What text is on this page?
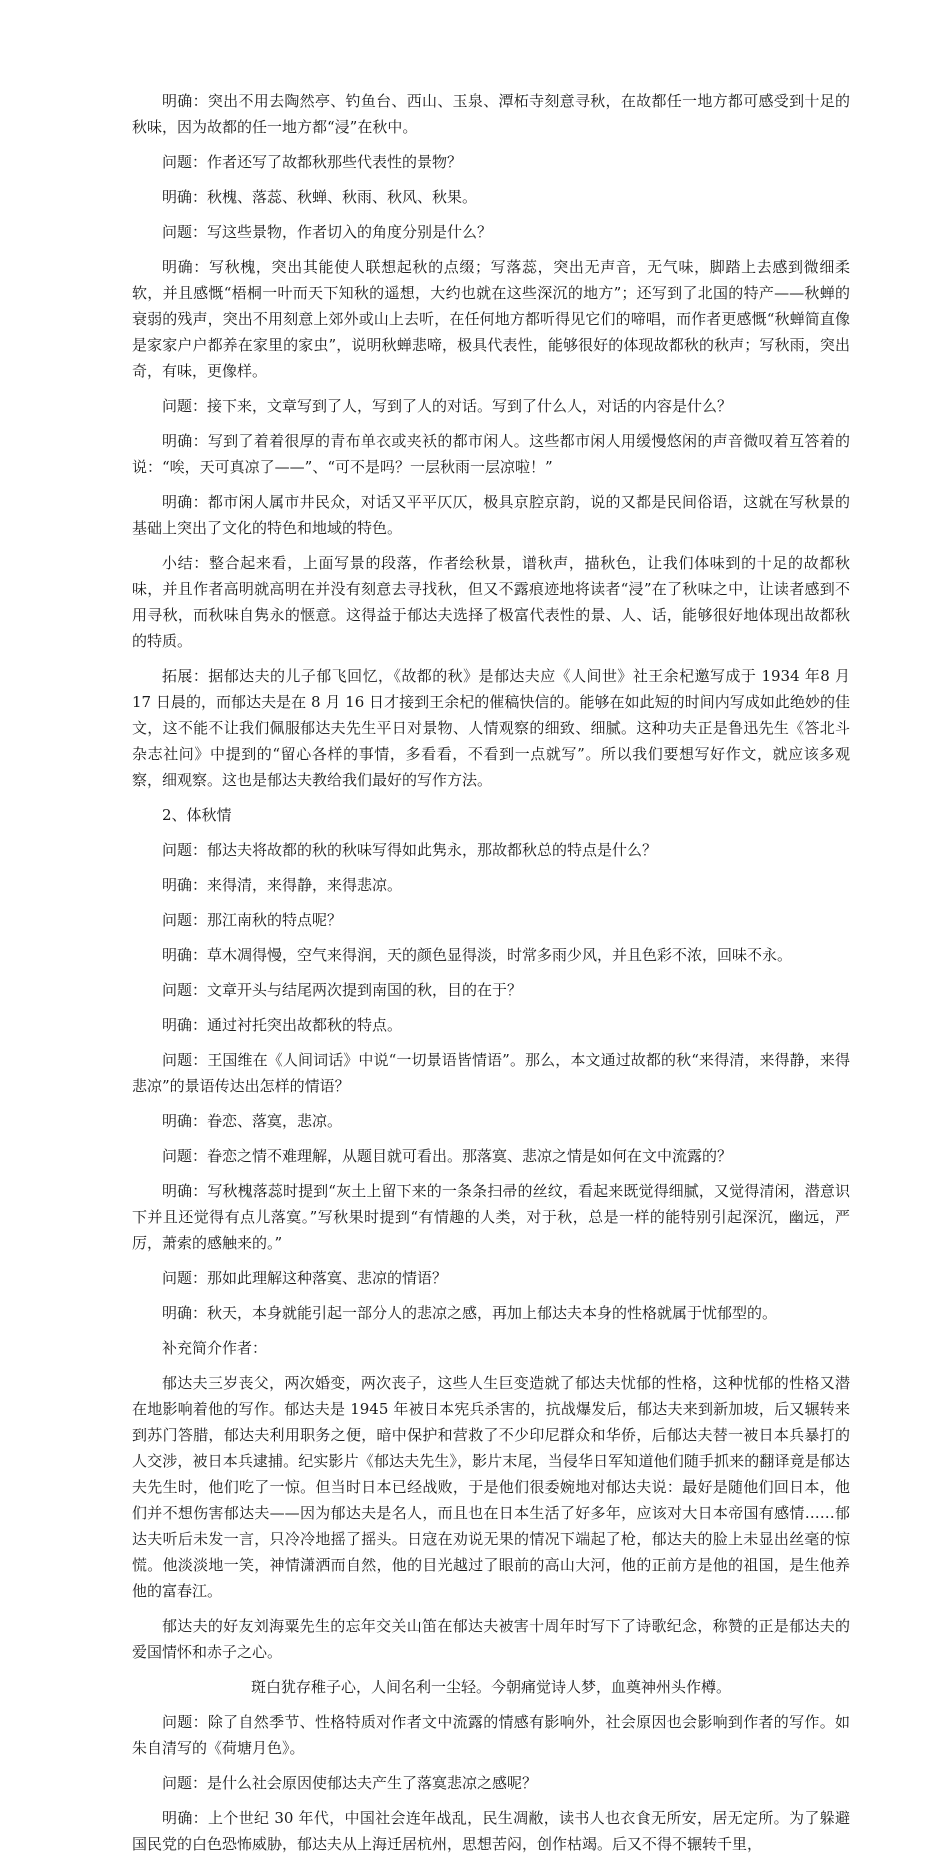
明确：突出不用去陶然亭、钓鱼台、西山、玉泉、潭柘寺刻意寻秋，在故都任一地方都可感受到十足的秋味，因为故都的任一地方都“浸”在秋中。

问题：作者还写了故都秋那些代表性的景物？

明确：秋槐、落蕊、秋蝉、秋雨、秋风、秋果。

问题：写这些景物，作者切入的角度分别是什么？

明确：写秋槐，突出其能使人联想起秋的点缀；写落蕊，突出无声音，无气味，脚踏上去感到微细柔软，并且感慨“梧桐一叶而天下知秋的遥想，大约也就在这些深沉的地方”；还写到了北国的特产——秋蝉的衰弱的残声，突出不用刻意上郊外或山上去听，在任何地方都听得见它们的啼唱，而作者更感慨“秋蝉简直像是家家户户都养在家里的家虫”，说明秋蝉悲啼，极具代表性，能够很好的体现故都秋的秋声；写秋雨，突出奇，有味，更像样。

问题：接下来，文章写到了人，写到了人的对话。写到了什么人，对话的内容是什么？

明确：写到了着着很厚的青布单衣或夹袄的都市闲人。这些都市闲人用缓慢悠闲的声音微叹着互答着的说：“唉，天可真凉了——”、“可不是吗？一层秋雨一层凉啦！”

明确：都市闲人属市井民众，对话又平平仄仄，极具京腔京韵，说的又都是民间俗语，这就在写秋景的基础上突出了文化的特色和地域的特色。

小结：整合起来看，上面写景的段落，作者绘秋景，谱秋声，描秋色，让我们体味到的十足的故都秋味，并且作者高明就高明在并没有刻意去寻找秋，但又不露痕迹地将读者“浸”在了秋味之中，让读者感到不用寻秋，而秋味自隽永的惬意。这得益于郁达夫选择了极富代表性的景、人、话，能够很好地体现出故都秋的特质。

拓展：据郁达夫的儿子郁飞回忆，《故都的秋》是郁达夫应《人间世》社王余杞邀写成于 1934 年8 月 17 日晨的，而郁达夫是在 8 月 16 日才接到王余杞的催稿快信的。能够在如此短的时间内写成如此绝妙的佳文，这不能不让我们佩服郁达夫先生平日对景物、人情观察的细致、细腻。这种功夫正是鲁迅先生《答北斗杂志社问》中提到的“留心各样的事情，多看看，不看到一点就写”。所以我们要想写好作文，就应该多观察，细观察。这也是郁达夫教给我们最好的写作方法。

2、体秋情

问题：郁达夫将故都的秋的秋味写得如此隽永，那故都秋总的特点是什么？

明确：来得清，来得静，来得悲凉。

问题：那江南秋的特点呢？

明确：草木凋得慢，空气来得润，天的颜色显得淡，时常多雨少风，并且色彩不浓，回味不永。

问题：文章开头与结尾两次提到南国的秋，目的在于？

明确：通过衬托突出故都秋的特点。

问题：王国维在《人间词话》中说“一切景语皆情语”。那么，本文通过故都的秋“来得清，来得静，来得悲凉”的景语传达出怎样的情语？

明确：眷恋、落寞，悲凉。

问题：眷恋之情不难理解，从题目就可看出。那落寞、悲凉之情是如何在文中流露的？

明确：写秋槐落蕊时提到“灰土上留下来的一条条扫帚的丝纹，看起来既觉得细腻，又觉得清闲，潜意识下并且还觉得有点儿落寞。”写秋果时提到“有情趣的人类，对于秋，总是一样的能特别引起深沉，幽远，严厉，萧索的感触来的。”

问题：那如此理解这种落寞、悲凉的情语？

明确：秋天，本身就能引起一部分人的悲凉之感，再加上郁达夫本身的性格就属于忧郁型的。

补充简介作者：

郁达夫三岁丧父，两次婚变，两次丧子，这些人生巨变造就了郁达夫忧郁的性格，这种忧郁的性格又潜在地影响着他的写作。郁达夫是 1945 年被日本宪兵杀害的，抗战爆发后，郁达夫来到新加坡，后又辗转来到苏门答腊，郁达夫利用职务之便，暗中保护和营救了不少印尼群众和华侨，后郁达夫替一被日本兵暴打的人交涉，被日本兵逮捕。纪实影片《郁达夫先生》，影片末尾，当侵华日军知道他们随手抓来的翻译竟是郁达夫先生时，他们吃了一惊。但当时日本已经战败，于是他们很委婉地对郁达夫说：最好是随他们回日本，他们并不想伤害郁达夫——因为郁达夫是名人，而且也在日本生活了好多年，应该对大日本帝国有感情……郁达夫听后未发一言，只冷冷地摇了摇头。日寇在劝说无果的情况下端起了枪，郁达夫的脸上未显出丝毫的惊慌。他淡淡地一笑，神情潇洒而自然，他的目光越过了眼前的高山大河，他的正前方是他的祖国，是生他养他的富春江。

郁达夫的好友刘海粟先生的忘年交关山笛在郁达夫被害十周年时写下了诗歌纪念，称赞的正是郁达夫的爱国情怀和赤子之心。

斑白犹存稚子心，人间名利一尘轻。今朝痛觉诗人梦，血奠神州头作樽。

问题：除了自然季节、性格特质对作者文中流露的情感有影响外，社会原因也会影响到作者的写作。如朱自清写的《荷塘月色》。

问题：是什么社会原因使郁达夫产生了落寞悲凉之感呢？

明确：上个世纪 30 年代，中国社会连年战乱，民生凋敝，读书人也衣食无所安，居无定所。为了躲避国民党的白色恐怖威胁，郁达夫从上海迁居杭州，思想苦闷，创作枯竭。后又不得不辗转千里，
